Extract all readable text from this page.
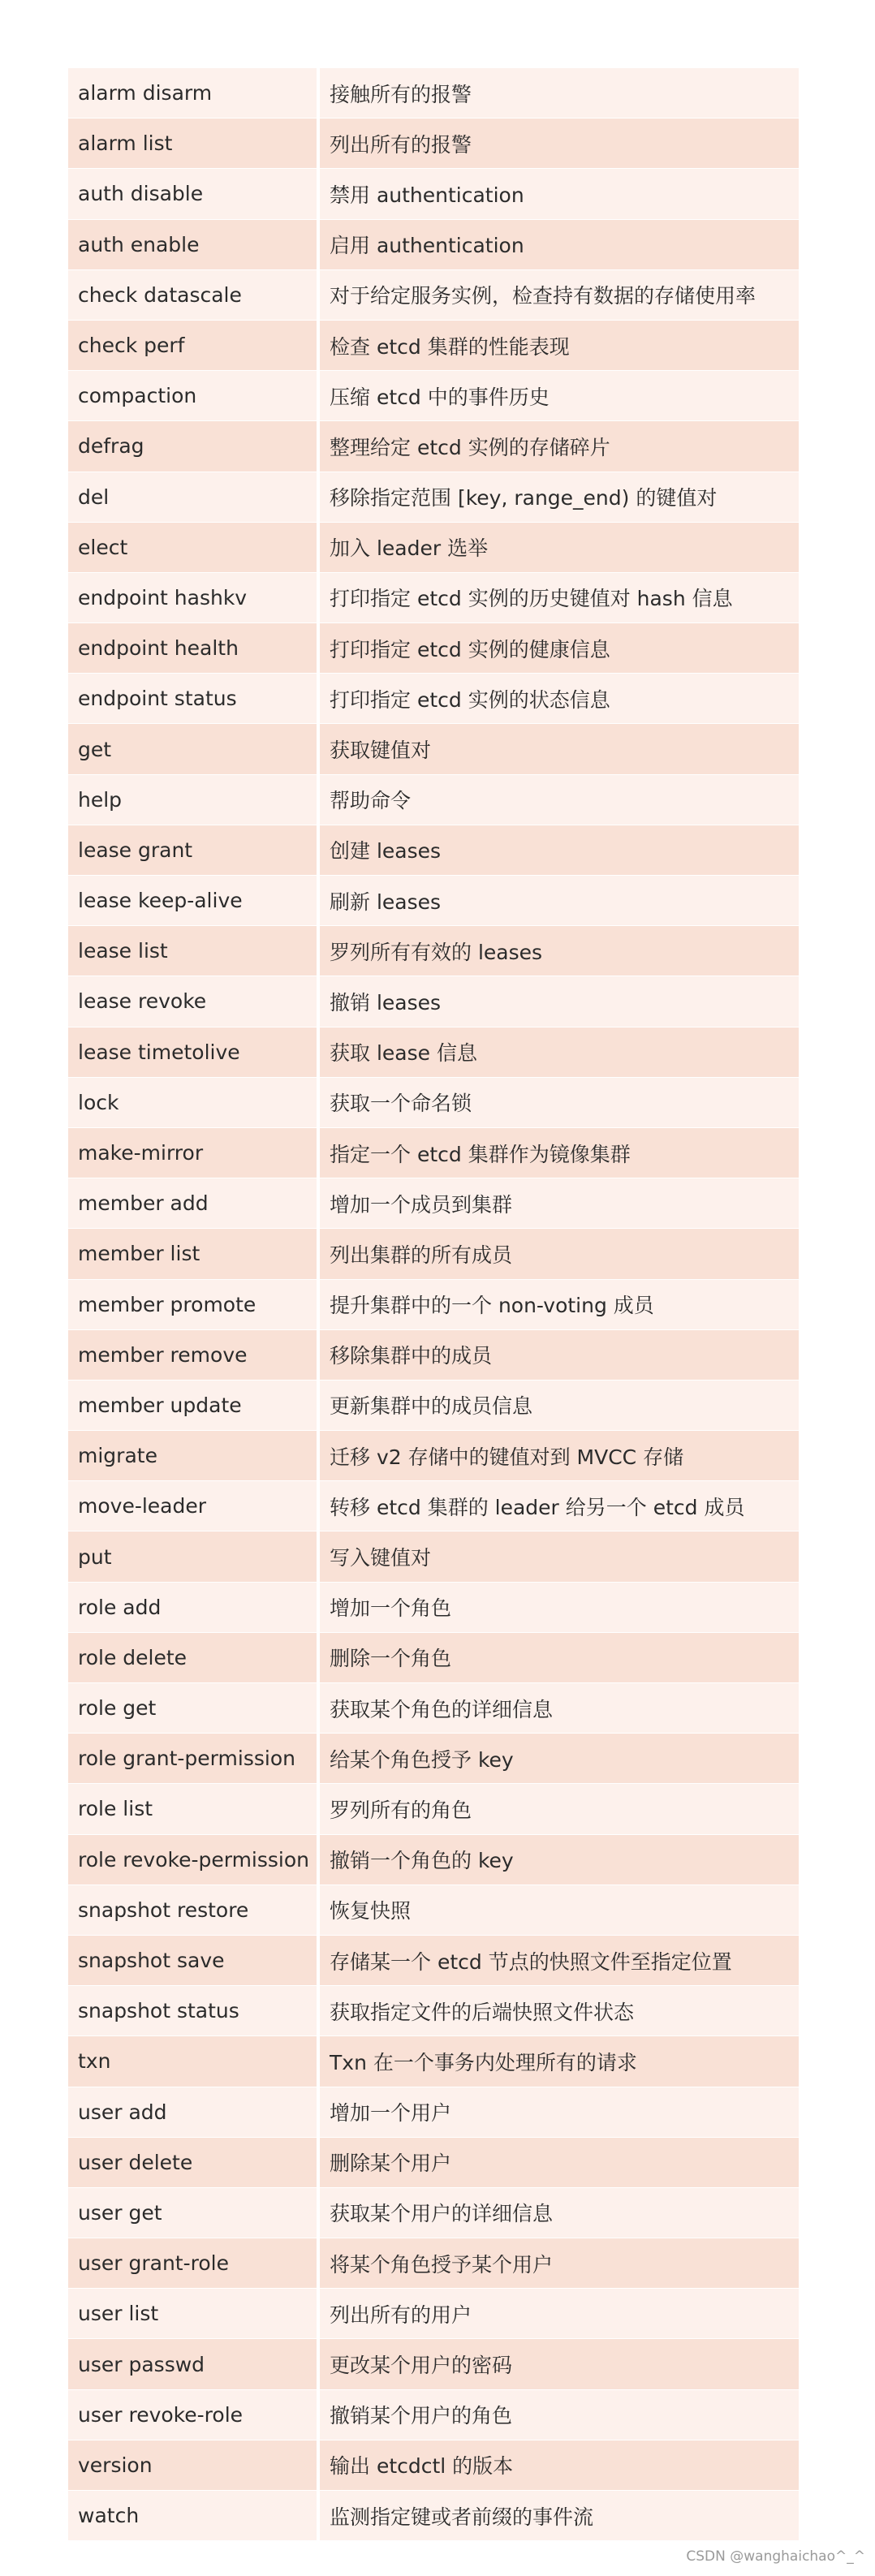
alarm disarm	接触所有的报警
alarm list	列出所有的报警
auth disable	禁用 authentication
auth enable	启用 authentication
check datascale	对于给定服务实例，检查持有数据的存储使用率
check perf	检查 etcd 集群的性能表现
compaction	压缩 etcd 中的事件历史
defrag	整理给定 etcd 实例的存储碎片
del	移除指定范围 [key, range_end) 的键值对
elect	加入 leader 选举
endpoint hashkv	打印指定 etcd 实例的历史键值对 hash 信息
endpoint health	打印指定 etcd 实例的健康信息
endpoint status	打印指定 etcd 实例的状态信息
get	获取键值对
help	帮助命令
lease grant	创建 leases
lease keep-alive	刷新 leases
lease list	罗列所有有效的 leases
lease revoke	撤销 leases
lease timetolive	获取 lease 信息
lock	获取一个命名锁
make-mirror	指定一个 etcd 集群作为镜像集群
member add	增加一个成员到集群
member list	列出集群的所有成员
member promote	提升集群中的一个 non-voting 成员
member remove	移除集群中的成员
member update	更新集群中的成员信息
migrate	迁移 v2 存储中的键值对到 MVCC 存储
move-leader	转移 etcd 集群的 leader 给另一个 etcd 成员
put	写入键值对
role add	增加一个角色
role delete	删除一个角色
role get	获取某个角色的详细信息
role grant-permission	给某个角色授予 key
role list	罗列所有的角色
role revoke-permission	撤销一个角色的 key
snapshot restore	恢复快照
snapshot save	存储某一个 etcd 节点的快照文件至指定位置
snapshot status	获取指定文件的后端快照文件状态
txn	Txn 在一个事务内处理所有的请求
user add	增加一个用户
user delete	删除某个用户
user get	获取某个用户的详细信息
user grant-role	将某个角色授予某个用户
user list	列出所有的用户
user passwd	更改某个用户的密码
user revoke-role	撤销某个用户的角色
version	输出 etcdctl 的版本
watch	监测指定键或者前缀的事件流
CSDN @wanghaichao^_^
